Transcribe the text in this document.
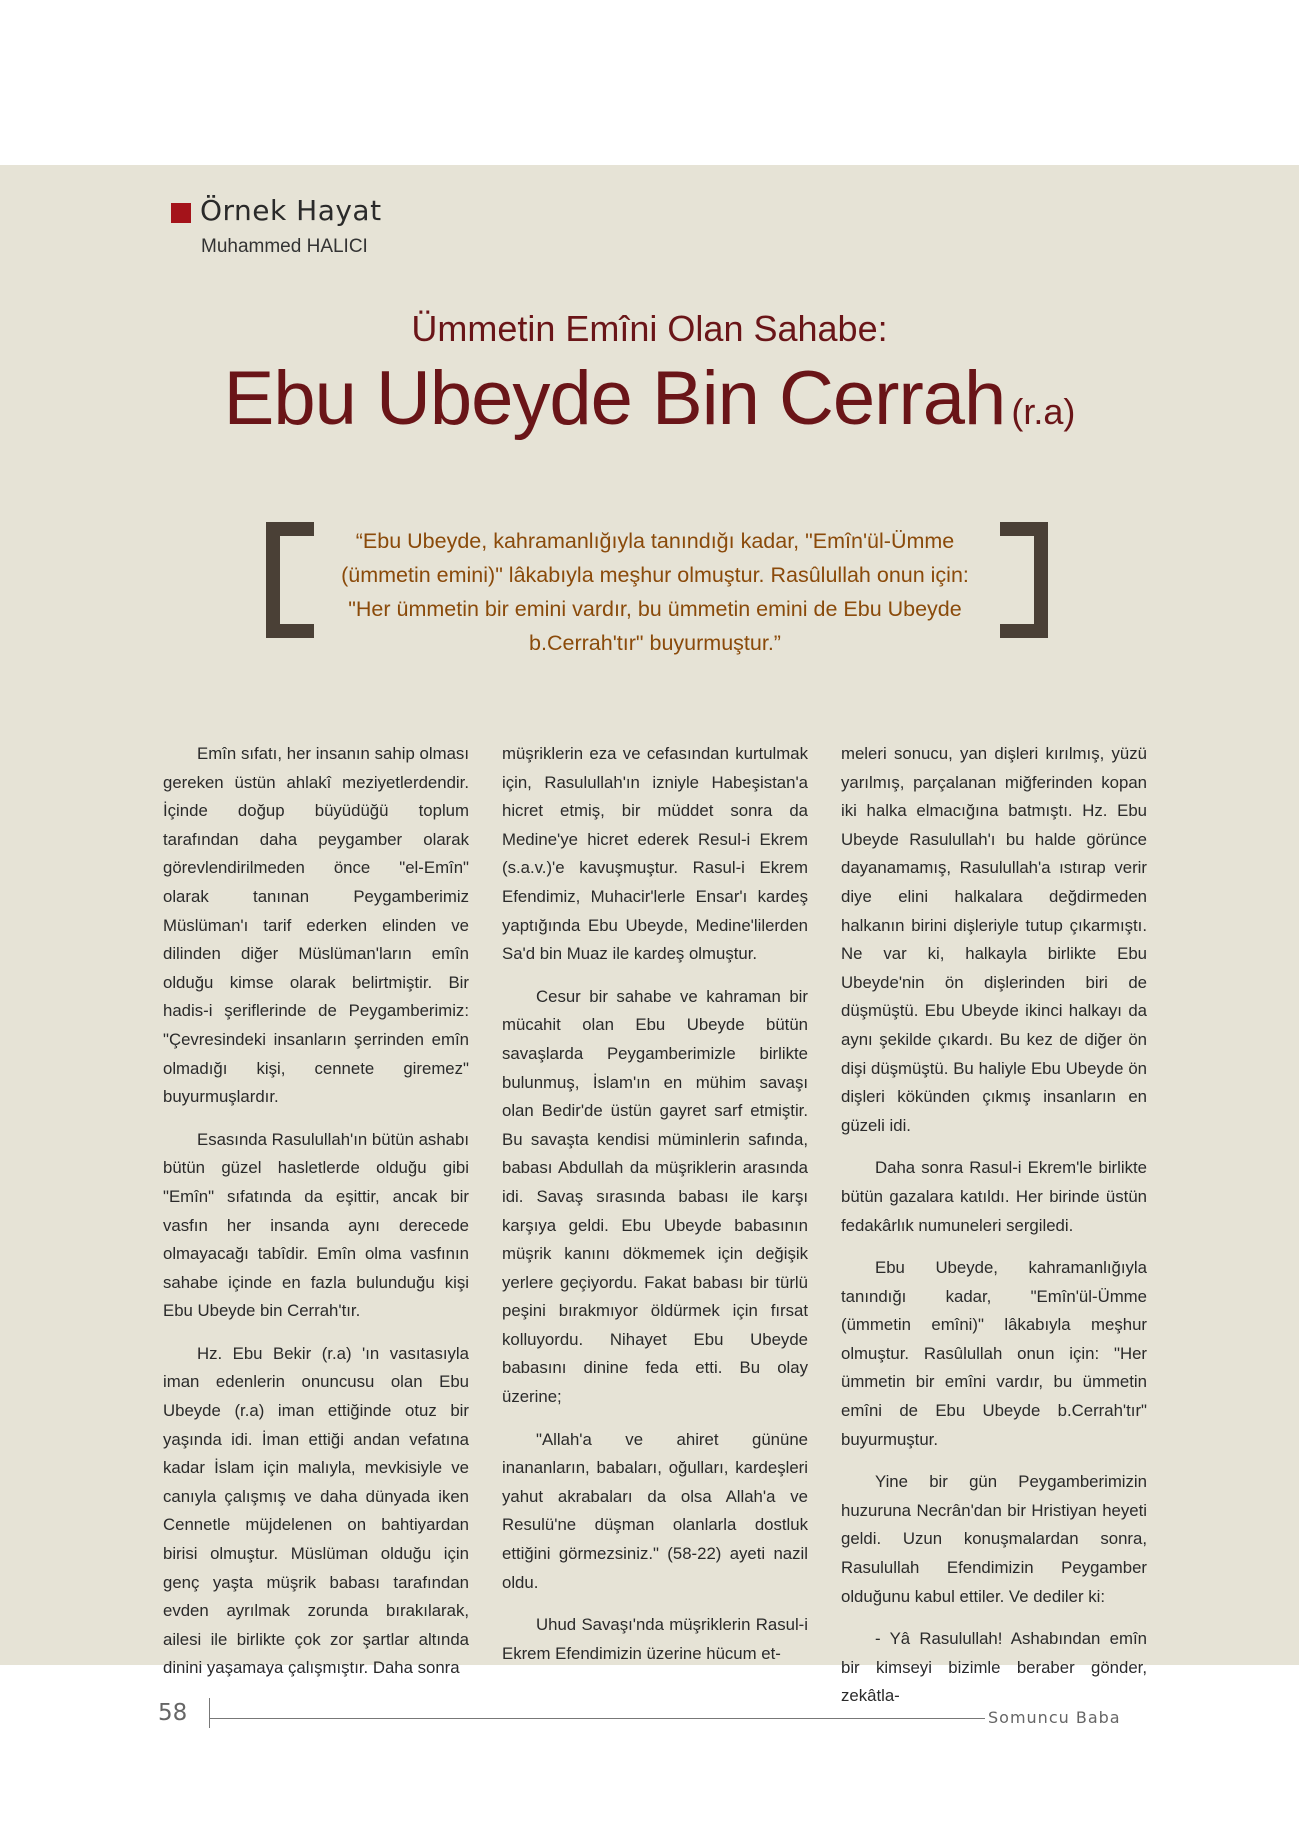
Örnek Hayat
Muhammed HALICI
Ümmetin Emîni Olan Sahabe:
Ebu Ubeyde Bin Cerrah (r.a)
“Ebu Ubeyde, kahramanlığıyla tanındığı kadar, "Emîn'ül-Ümme (ümmetin emini)" lâkabıyla meşhur olmuştur. Rasûlullah onun için: "Her ümmetin bir emini vardır, bu ümmetin emini de Ebu Ubeyde b.Cerrah'tır" buyurmuştur.”

Emîn sıfatı, her insanın sahip olması gereken üstün ahlakî meziyetlerdendir. İçinde doğup büyüdüğü toplum tarafından daha peygamber olarak görevlendirilmeden önce "el-Emîn" olarak tanınan Peygamberimiz Müslüman'ı tarif ederken elinden ve dilinden diğer Müslüman'ların emîn olduğu kimse olarak belirtmiştir. Bir hadis-i şeriflerinde de Peygamberimiz: "Çevresindeki insanların şerrinden emîn olmadığı kişi, cennete giremez" buyurmuşlardır.

Esasında Rasulullah'ın bütün ashabı bütün güzel hasletlerde olduğu gibi "Emîn" sıfatında da eşittir, ancak bir vasfın her insanda aynı derecede olmayacağı tabîdir. Emîn olma vasfının sahabe içinde en fazla bulunduğu kişi Ebu Ubeyde bin Cerrah'tır.

Hz. Ebu Bekir (r.a) 'ın vasıtasıyla iman edenlerin onuncusu olan Ebu Ubeyde (r.a) iman ettiğinde otuz bir yaşında idi. İman ettiği andan vefatına kadar İslam için malıyla, mevkisiyle ve canıyla çalışmış ve daha dünyada iken Cennetle müjdelenen on bahtiyardan birisi olmuştur. Müslüman olduğu için genç yaşta müşrik babası tarafından evden ayrılmak zorunda bırakılarak, ailesi ile birlikte çok zor şartlar altında dinini yaşamaya çalışmıştır. Daha sonra

müşriklerin eza ve cefasından kurtulmak için, Rasulullah'ın izniyle Habeşistan'a hicret etmiş, bir müddet sonra da Medine'ye hicret ederek Resul-i Ekrem (s.a.v.)'e kavuşmuştur. Rasul-i Ekrem Efendimiz, Muhacir'lerle Ensar'ı kardeş yaptığında Ebu Ubeyde, Medine'lilerden Sa'd bin Muaz ile kardeş olmuştur.

Cesur bir sahabe ve kahraman bir mücahit olan Ebu Ubeyde bütün savaşlarda Peygamberimizle birlikte bulunmuş, İslam'ın en mühim savaşı olan Bedir'de üstün gayret sarf etmiştir. Bu savaşta kendisi müminlerin safında, babası Abdullah da müşriklerin arasında idi. Savaş sırasında babası ile karşı karşıya geldi. Ebu Ubeyde babasının müşrik kanını dökmemek için değişik yerlere geçiyordu. Fakat babası bir türlü peşini bırakmıyor öldürmek için fırsat kolluyordu. Nihayet Ebu Ubeyde babasını dinine feda etti. Bu olay üzerine;

"Allah'a ve ahiret gününe inananların, babaları, oğulları, kardeşleri yahut akrabaları da olsa Allah'a ve Resulü'ne düşman olanlarla dostluk ettiğini görmezsiniz." (58-22) ayeti nazil oldu.

Uhud Savaşı'nda müşriklerin Rasul-i Ekrem Efendimizin üzerine hücum et-

meleri sonucu, yan dişleri kırılmış, yüzü yarılmış, parçalanan miğferinden kopan iki halka elmacığına batmıştı. Hz. Ebu Ubeyde Rasulullah'ı bu halde görünce dayanamamış, Rasulullah'a ıstırap verir diye elini halkalara değdirmeden halkanın birini dişleriyle tutup çıkarmıştı. Ne var ki, halkayla birlikte Ebu Ubeyde'nin ön dişlerinden biri de düşmüştü. Ebu Ubeyde ikinci halkayı da aynı şekilde çıkardı. Bu kez de diğer ön dişi düşmüştü. Bu haliyle Ebu Ubeyde ön dişleri kökünden çıkmış insanların en güzeli idi.

Daha sonra Rasul-i Ekrem'le birlikte bütün gazalara katıldı. Her birinde üstün fedakârlık numuneleri sergiledi.

Ebu Ubeyde, kahramanlığıyla tanındığı kadar, "Emîn'ül-Ümme (ümmetin emîni)" lâkabıyla meşhur olmuştur. Rasûlullah onun için: "Her ümmetin bir emîni vardır, bu ümmetin emîni de Ebu Ubeyde b.Cerrah'tır" buyurmuştur.

Yine bir gün Peygamberimizin huzuruna Necrân'dan bir Hristiyan heyeti geldi. Uzun konuşmalardan sonra, Rasulullah Efendimizin Peygamber olduğunu kabul ettiler. Ve dediler ki:

- Yâ Rasulullah! Ashabından emîn bir kimseyi bizimle beraber gönder, zekâtla-

58	Somuncu Baba
